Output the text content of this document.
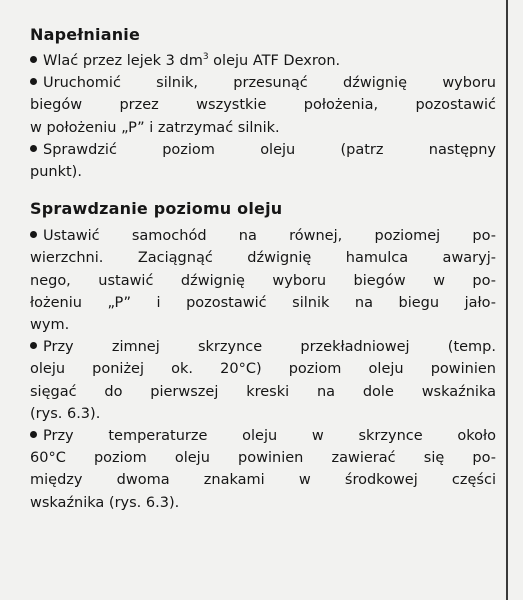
Napełnianie
Wlać przez lejek 3 $dm^3$ oleju ATF Dexron.
Uruchomić silnik, przesunąć dźwignię wyboru
biegów przez wszystkie położenia, pozostawić
w położeniu „P” i zatrzymać silnik.
Sprawdzić poziom oleju (patrz następny
punkt).
Sprawdzanie poziomu oleju
Ustawić samochód na równej, poziomej po-
wierzchni. Zaciągnąć dźwignię hamulca awaryj-
nego, ustawić dźwignię wyboru biegów w po-
łożeniu „P” i pozostawić silnik na biegu jało-
wym.
Przy zimnej skrzynce przekładniowej (temp.
oleju poniżej ok. 20°C) poziom oleju powinien
sięgać do pierwszej kreski na dole wskaźnika
(rys. 6.3).
Przy temperaturze oleju w skrzynce około
60°C poziom oleju powinien zawierać się po-
między dwoma znakami w środkowej części
wskaźnika (rys. 6.3).
